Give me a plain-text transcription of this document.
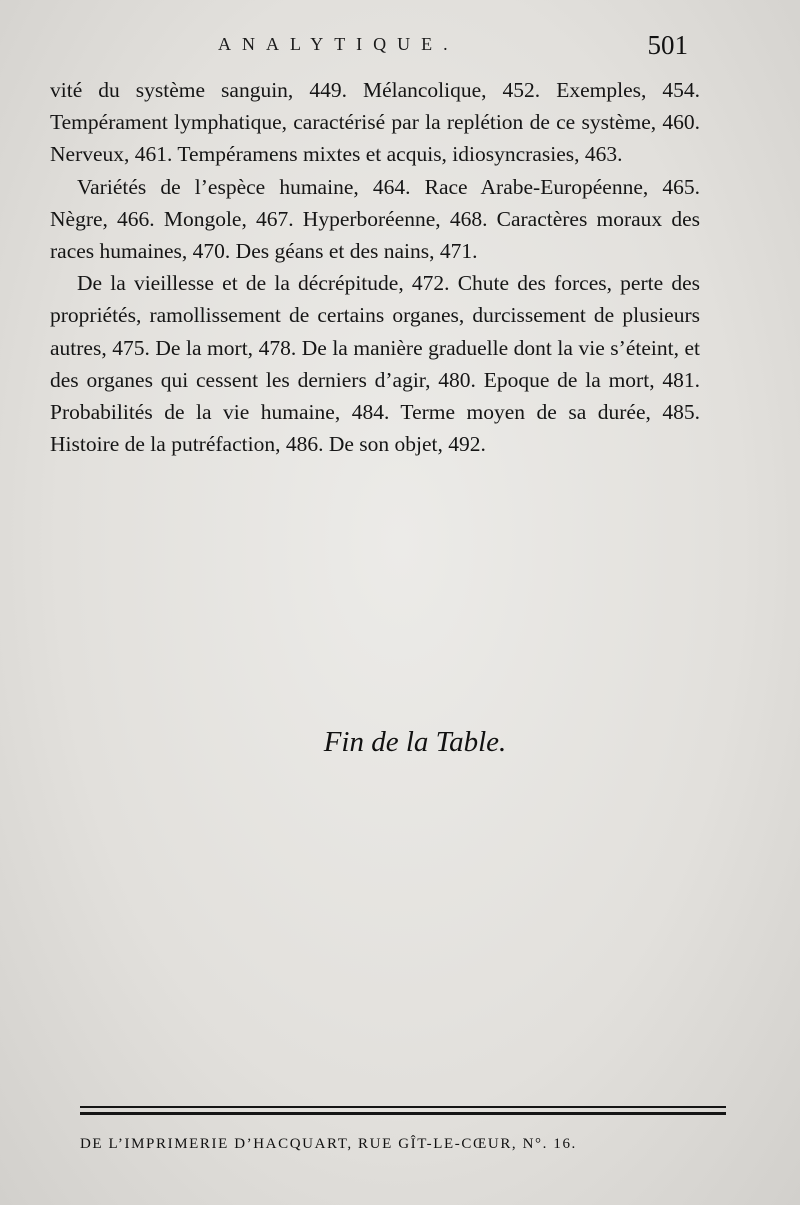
ANALYTIQUE.	501

vité du système sanguin, 449. Mélancolique, 452. Exemples, 454. Tempérament lymphatique, caractérisé par la replétion de ce système, 460. Nerveux, 461. Tempéramens mixtes et acquis, idiosyncrasies, 463.

Variétés de l’espèce humaine, 464. Race Arabe-Européenne, 465. Nègre, 466. Mongole, 467. Hyperboréenne, 468. Caractères moraux des races humaines, 470. Des géans et des nains, 471.

De la vieillesse et de la décrépitude, 472. Chute des forces, perte des propriétés, ramollissement de certains organes, durcissement de plusieurs autres, 475. De la mort, 478. De la manière graduelle dont la vie s’éteint, et des organes qui cessent les derniers d’agir, 480. Epoque de la mort, 481. Probabilités de la vie humaine, 484. Terme moyen de sa durée, 485. Histoire de la putréfaction, 486. De son objet, 492.

Fin de la Table.
DE L’IMPRIMERIE D’HACQUART, RUE GÎT-LE-CŒUR, N°. 16.
